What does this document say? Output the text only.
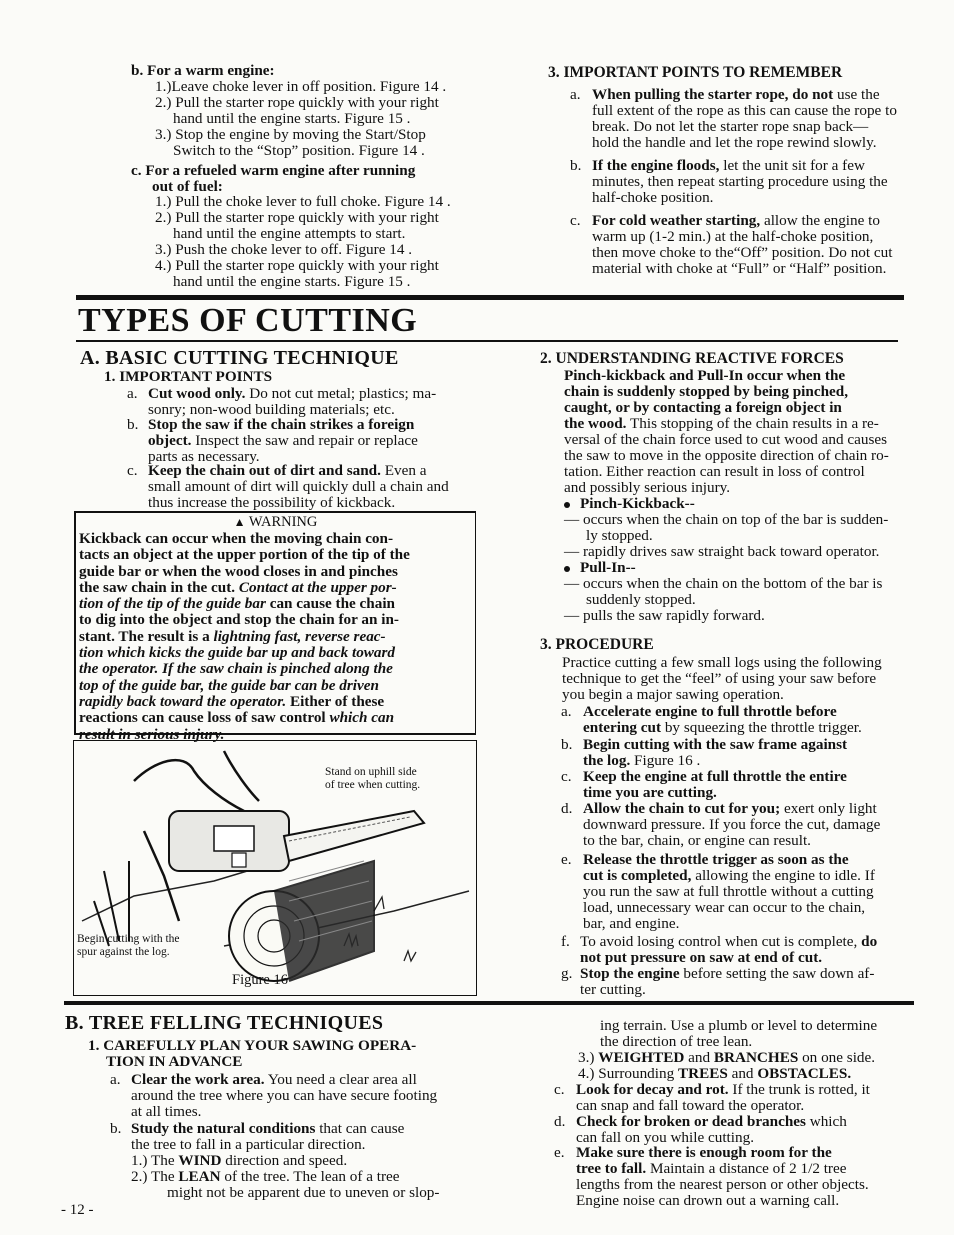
b. For a warm engine:
1.)Leave choke lever in off position. Figure 14 .
2.) Pull the starter rope quickly with your right
hand until the engine starts. Figure 15 .
3.) Stop the engine by moving the Start/Stop
Switch to the “Stop” position. Figure 14 .
c. For a refueled warm engine after running
out of fuel:
1.) Pull the choke lever to full choke. Figure 14 .
2.) Pull the starter rope quickly with your right
hand until the engine attempts to start.
3.) Push the choke lever to off. Figure 14 .
4.) Pull the starter rope quickly with your right
hand until the engine starts. Figure 15 .
3. IMPORTANT POINTS TO REMEMBER
a. When pulling the starter rope, do not use the
full extent of the rope as this can cause the rope to
break. Do not let the starter rope snap back—
hold the handle and let the rope rewind slowly.
b. If the engine floods, let the unit sit for a few
minutes, then repeat starting procedure using the
half-choke position.
c. For cold weather starting, allow the engine to
warm up (1-2 min.) at the half-choke position,
then move choke to the“Off” position. Do not cut
material with choke at “Full” or “Half” position.
TYPES OF CUTTING
A. BASIC CUTTING TECHNIQUE
1. IMPORTANT POINTS
a. Cut wood only. Do not cut metal; plastics; ma-
sonry; non-wood building materials; etc.
b. Stop the saw if the chain strikes a foreign
object. Inspect the saw and repair or replace
parts as necessary.
c. Keep the chain out of dirt and sand. Even a
small amount of dirt will quickly dull a chain and
thus increase the possibility of kickback.
▲ WARNING
Kickback can occur when the moving chain con-
tacts an object at the upper portion of the tip of the
guide bar or when the wood closes in and pinches
the saw chain in the cut. Contact at the upper por-
tion of the tip of the guide bar can cause the chain
to dig into the object and stop the chain for an in-
stant. The result is a lightning fast, reverse reac-
tion which kicks the guide bar up and back toward
the operator. If the saw chain is pinched along the
top of the guide bar, the guide bar can be driven
rapidly back toward the operator. Either of these
reactions can cause loss of saw control which can
result in serious injury.
Stand on uphill side
of tree when cutting.
Begin cutting with the
spur against the log.
Figure 16
2. UNDERSTANDING REACTIVE FORCES
Pinch-kickback and Pull-In occur when the
chain is suddenly stopped by being pinched,
caught, or by contacting a foreign object in
the wood. This stopping of the chain results in a re-
versal of the chain force used to cut wood and causes
the saw to move in the opposite direction of chain ro-
tation. Either reaction can result in loss of control
and possibly serious injury.
Pinch-Kickback--
— occurs when the chain on top of the bar is sudden-
ly stopped.
— rapidly drives saw straight back toward operator.
Pull-In--
— occurs when the chain on the bottom of the bar is
suddenly stopped.
— pulls the saw rapidly forward.
3. PROCEDURE
Practice cutting a few small logs using the following
technique to get the “feel” of using your saw before
you begin a major sawing operation.
a. Accelerate engine to full throttle before
entering cut by squeezing the throttle trigger.
b. Begin cutting with the saw frame against
the log. Figure 16 .
c. Keep the engine at full throttle the entire
time you are cutting.
d. Allow the chain to cut for you; exert only light
downward pressure. If you force the cut, damage
to the bar, chain, or engine can result.
e. Release the throttle trigger as soon as the
cut is completed, allowing the engine to idle. If
you run the saw at full throttle without a cutting
load, unnecessary wear can occur to the chain,
bar, and engine.
f. To avoid losing control when cut is complete, do
not put pressure on saw at end of cut.
g. Stop the engine before setting the saw down af-
ter cutting.
B. TREE FELLING TECHNIQUES
1. CAREFULLY PLAN YOUR SAWING OPERA-
TION IN ADVANCE
a. Clear the work area. You need a clear area all
around the tree where you can have secure footing
at all times.
b. Study the natural conditions that can cause
the tree to fall in a particular direction.
1.) The WIND direction and speed.
2.) The LEAN of the tree. The lean of a tree
might not be apparent due to uneven or slop-
ing terrain. Use a plumb or level to determine
the direction of tree lean.
3.) WEIGHTED and BRANCHES on one side.
4.) Surrounding TREES and OBSTACLES.
c. Look for decay and rot. If the trunk is rotted, it
can snap and fall toward the operator.
d. Check for broken or dead branches which
can fall on you while cutting.
e. Make sure there is enough room for the
tree to fall. Maintain a distance of 2 1/2 tree
lengths from the nearest person or other objects.
Engine noise can drown out a warning call.
- 12 -
